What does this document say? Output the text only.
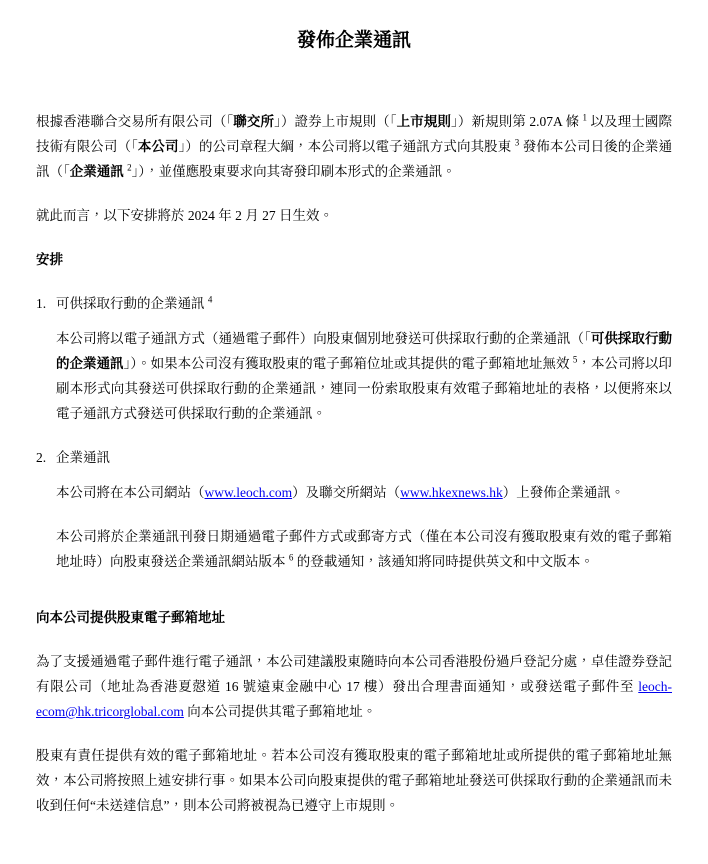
發佈企業通訊
根據香港聯合交易所有限公司（「聯交所」）證券上市規則（「上市規則」）新規則第 2.07A 條 $^1$ 以及理士國際技術有限公司（「本公司」）的公司章程大綱，本公司將以電子通訊方式向其股東 $^3$ 發佈本公司日後的企業通訊（「企業通訊 $^2$」），並僅應股東要求向其寄發印刷本形式的企業通訊。
就此而言，以下安排將於 2024 年 2 月 27 日生效。
安排
1. 可供採取行動的企業通訊 $^4$
本公司將以電子通訊方式（通過電子郵件）向股東個別地發送可供採取行動的企業通訊（「可供採取行動的企業通訊」）。如果本公司沒有獲取股東的電子郵箱位址或其提供的電子郵箱地址無效 $^5$，本公司將以印刷本形式向其發送可供採取行動的企業通訊，連同一份索取股東有效電子郵箱地址的表格，以便將來以電子通訊方式發送可供採取行動的企業通訊。
2. 企業通訊
本公司將在本公司網站（www.leoch.com）及聯交所網站（www.hkexnews.hk）上發佈企業通訊。
本公司將於企業通訊刊發日期通過電子郵件方式或郵寄方式（僅在本公司沒有獲取股東有效的電子郵箱地址時）向股東發送企業通訊網站版本 $^6$ 的登載通知，該通知將同時提供英文和中文版本。
向本公司提供股東電子郵箱地址
為了支援通過電子郵件進行電子通訊，本公司建議股東隨時向本公司香港股份過戶登記分處，卓佳證券登記有限公司（地址為香港夏慤道 16 號遠東金融中心 17 樓）發出合理書面通知，或發送電子郵件至 leoch-ecom@hk.tricorglobal.com 向本公司提供其電子郵箱地址。
股東有責任提供有效的電子郵箱地址。若本公司沒有獲取股東的電子郵箱地址或所提供的電子郵箱地址無效，本公司將按照上述安排行事。如果本公司向股東提供的電子郵箱地址發送可供採取行動的企業通訊而未收到任何“未送達信息”，則本公司將被視為已遵守上市規則。
